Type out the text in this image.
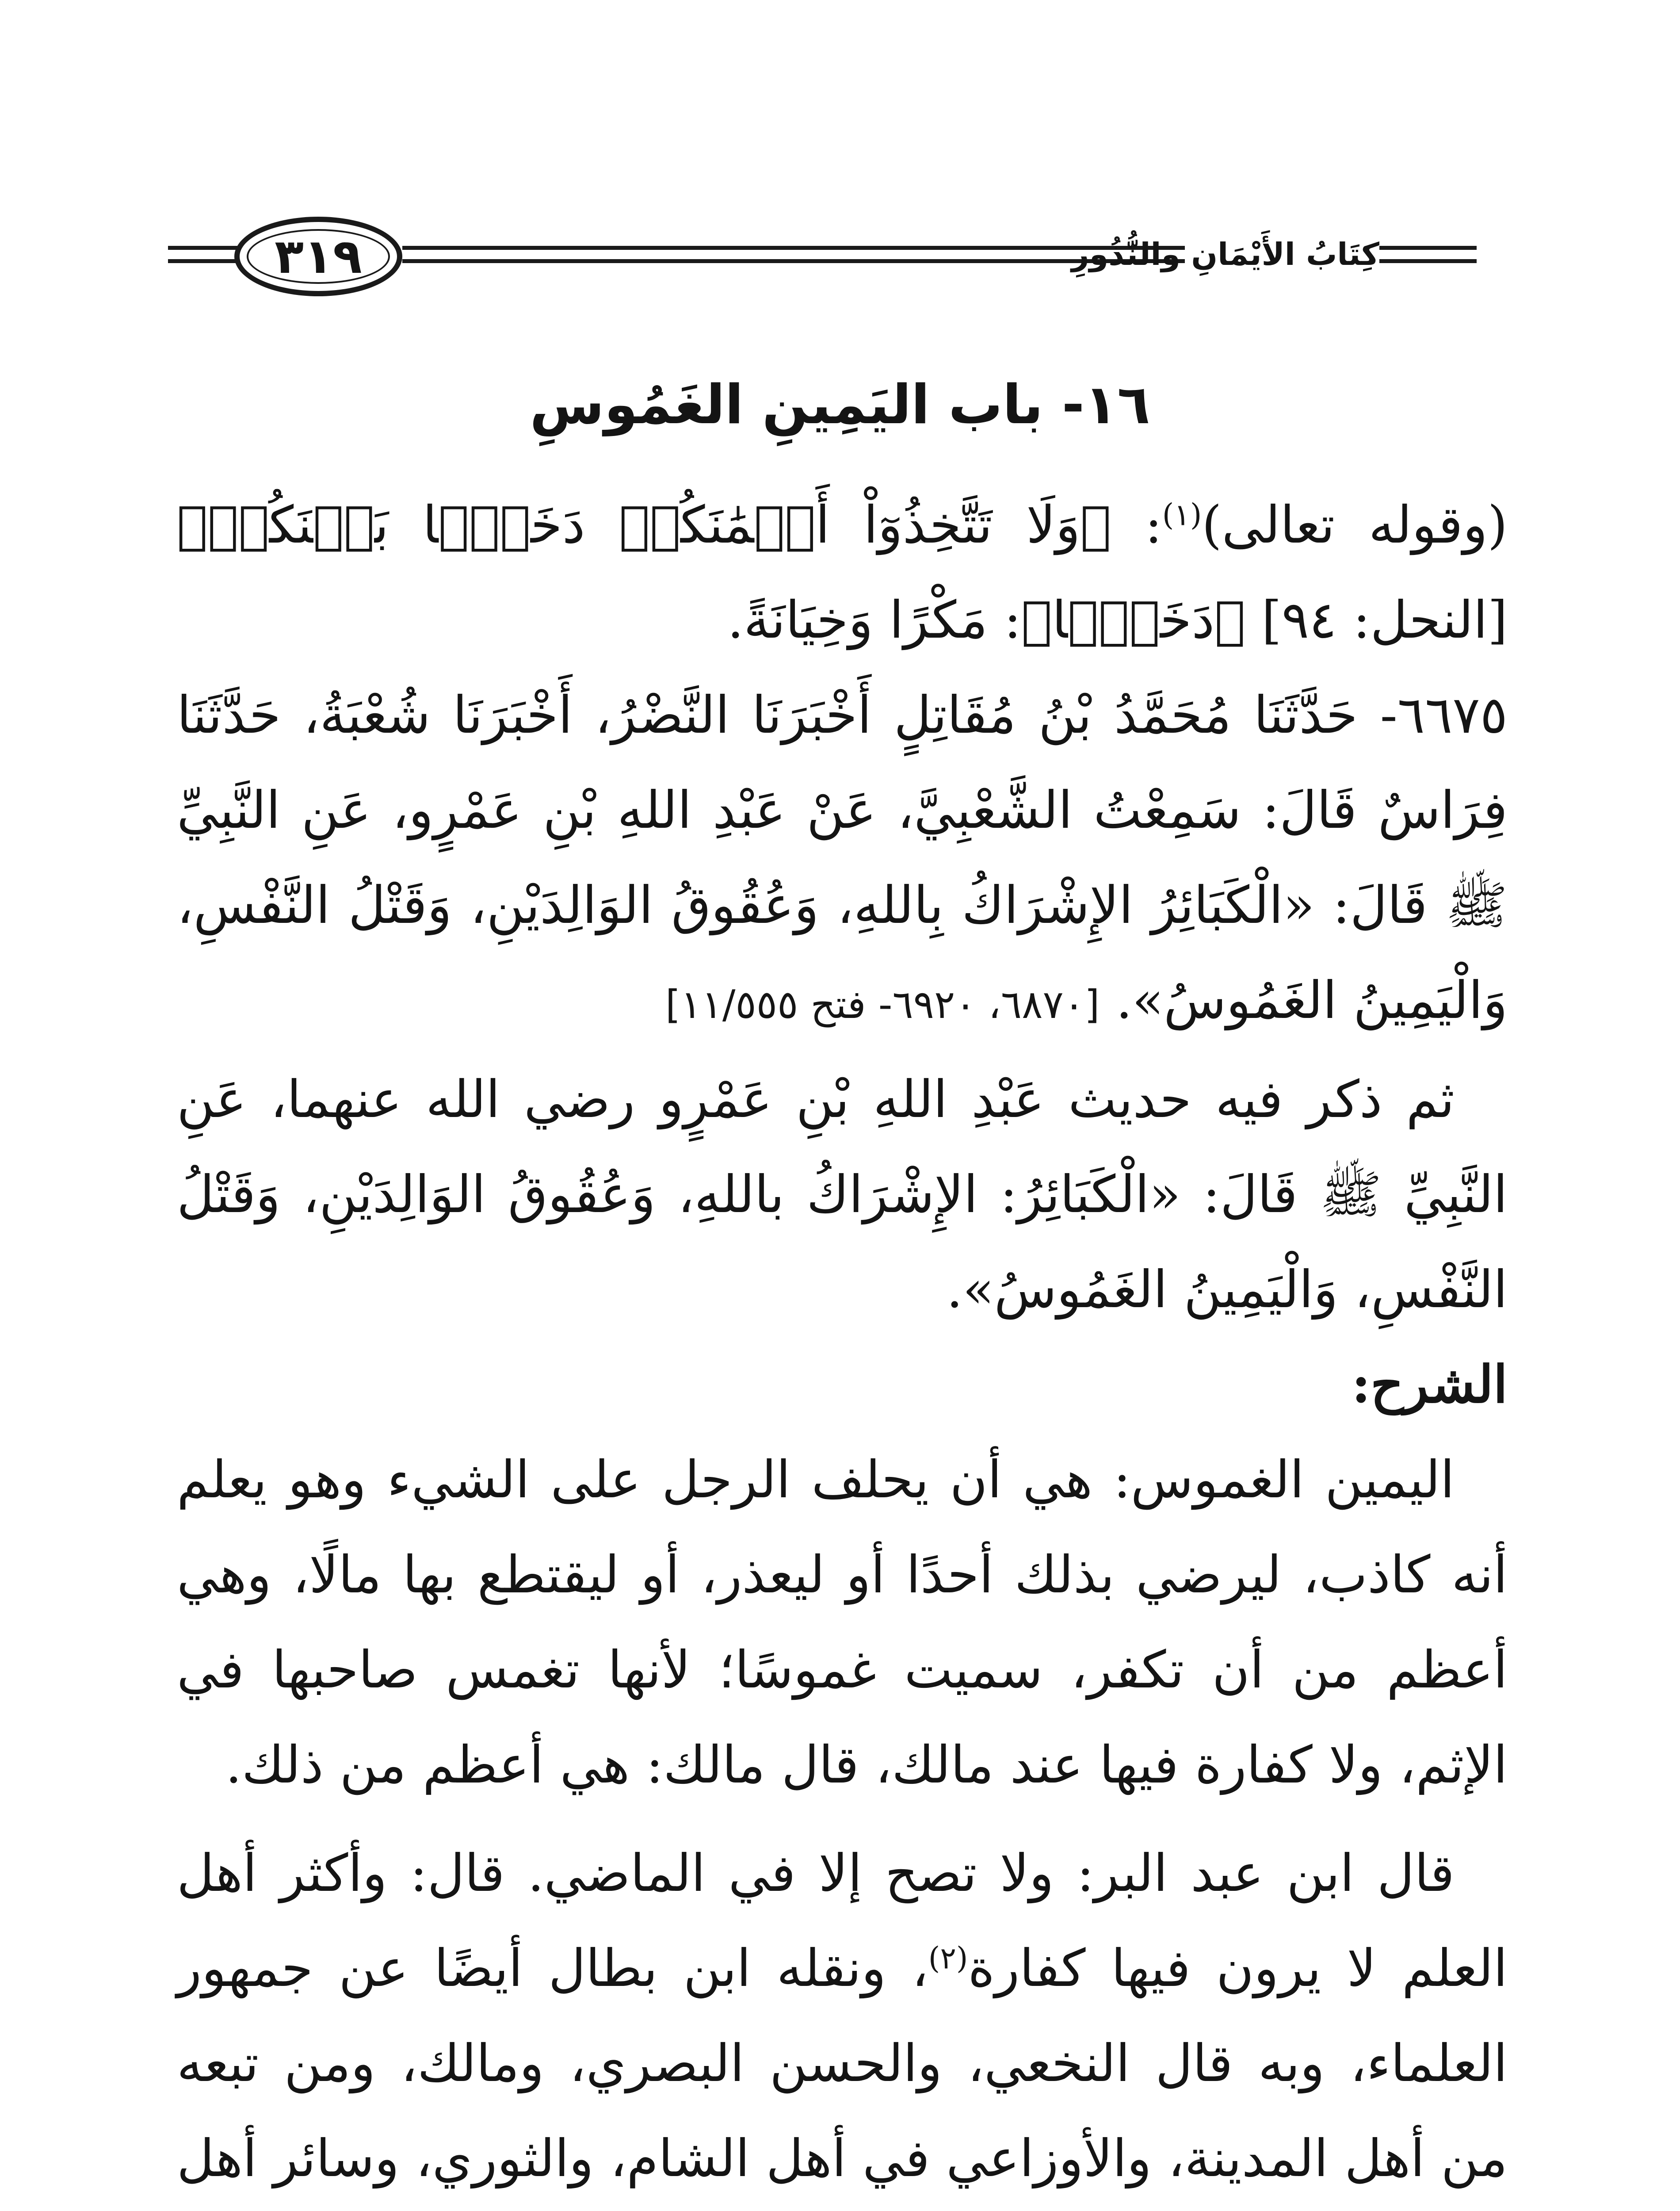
٣١٩	كِتَابُ الأَيْمَانِ والنُّذُورِ
١٦- باب اليَمِينِ الغَمُوسِ

(وقوله تعالى)$^{(١)}$: ﴿وَلَا تَتَّخِذُوٓاْ أَيۡمَٰنَكُمۡ دَخَلَۢا بَيۡنَكُمۡ﴾ [النحل: ٩٤] ﴿دَخَلَۢا﴾: مَكْرًا وَخِيَانَةً.

٦٦٧٥- حَدَّثَنَا مُحَمَّدُ بْنُ مُقَاتِلٍ أَخْبَرَنَا النَّضْرُ، أَخْبَرَنَا شُعْبَةُ، حَدَّثَنَا فِرَاسٌ قَالَ: سَمِعْتُ الشَّعْبِيَّ، عَنْ عَبْدِ اللهِ بْنِ عَمْرٍو، عَنِ النَّبِيِّ ﷺ قَالَ: «الْكَبَائِرُ الإِشْرَاكُ بِاللهِ، وَعُقُوقُ الوَالِدَيْنِ، وَقَتْلُ النَّفْسِ، وَالْيَمِينُ الغَمُوسُ». [٦٨٧٠، ٦٩٢٠- فتح ١١/٥٥٥]

ثم ذكر فيه حديث عَبْدِ اللهِ بْنِ عَمْرٍو رضي الله عنهما، عَنِ النَّبِيِّ ﷺ قَالَ: «الْكَبَائِرُ: الإِشْرَاكُ باللهِ، وَعُقُوقُ الوَالِدَيْنِ، وَقَتْلُ النَّفْسِ، وَالْيَمِينُ الغَمُوسُ».

الشرح:

اليمين الغموس: هي أن يحلف الرجل على الشيء وهو يعلم أنه كاذب، ليرضي بذلك أحدًا أو ليعذر، أو ليقتطع بها مالًا، وهي أعظم من أن تكفر، سميت غموسًا؛ لأنها تغمس صاحبها في الإثم، ولا كفارة فيها عند مالك، قال مالك: هي أعظم من ذلك.

قال ابن عبد البر: ولا تصح إلا في الماضي. قال: وأكثر أهل العلم لا يرون فيها كفارة$^{(٢)}$، ونقله ابن بطال أيضًا عن جمهور العلماء، وبه قال النخعي، والحسن البصري، ومالك، ومن تبعه من أهل المدينة، والأوزاعي في أهل الشام، والثوري، وسائر أهل
